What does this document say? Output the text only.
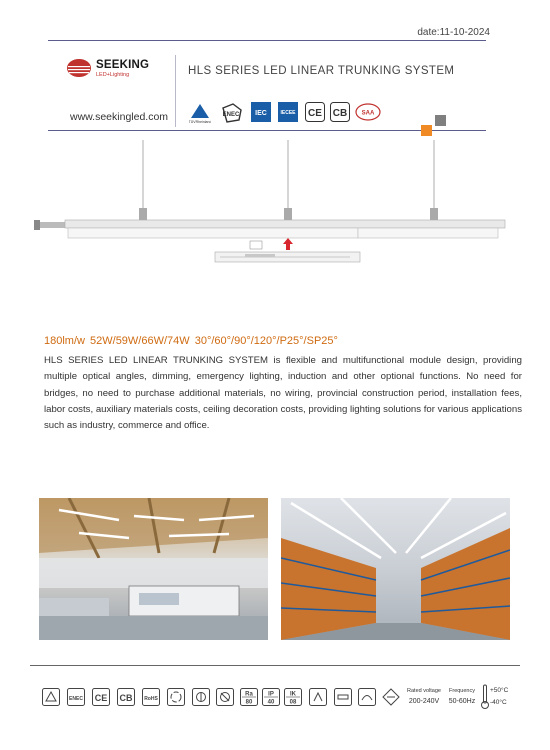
date:11-10-2024
SEEKING
LED+Lighting	HLS SERIES LED LINEAR TRUNKING SYSTEM
www.seekingled.com	TÜVRheinland
ENEC IEC	IECEE CE CB SAA
180lm/w 52W/59W/66W/74W 30°/60°/90°/120°/P25°/SP25°
HLS SERIES LED LINEAR TRUNKING SYSTEM is flexible and multifunctional module design, providing multiple optical angles, dimming, emergency lighting, induction and other optional functions. No need for bridges, no need to purchase additional materials, no wiring, provincial construction period, installation fees, labor costs, auxiliary materials costs, ceiling decoration costs, providing lighting solutions for various applications such as industry, commerce and office.
ENEC CE CB RoHS
Ra
80
IP
40
IK
08
Rated voltage
200-240V
Frequency
50-60Hz
+50°C
-40°C
